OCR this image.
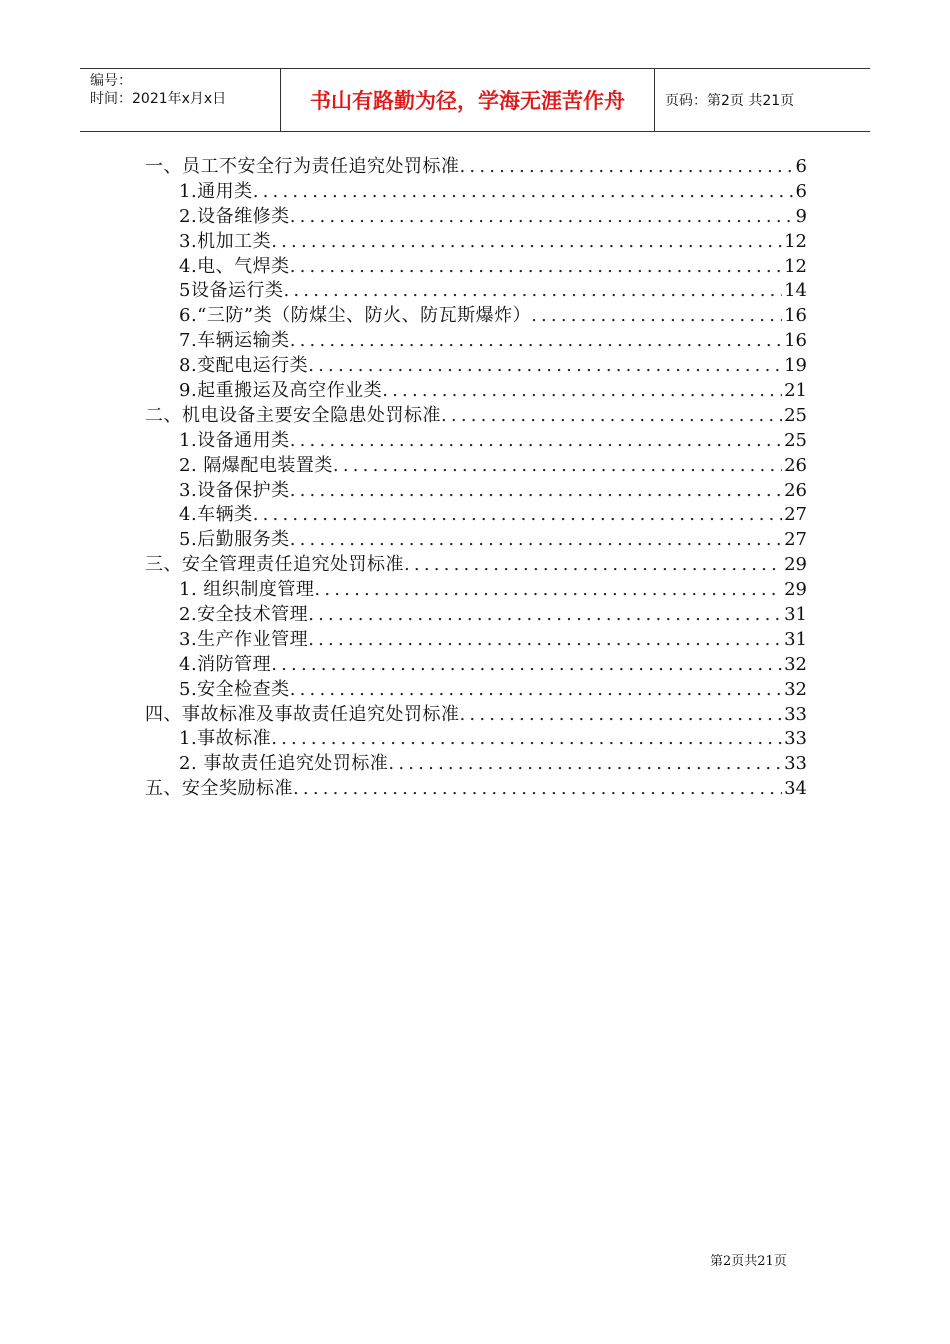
编号：
时间：2021年x月x日	书山有路勤为径，学海无涯苦作舟	页码：第2页 共21页
一、员工不安全行为责任追究处罚标准 .....	6
1.通用类 .....	6
2.设备维修类 .....	9
3.机加工类 .....	12
4.电、气焊类 .....	12
5设备运行类 .....	14
6.“三防”类（防煤尘、防火、防瓦斯爆炸） .....	16
7.车辆运输类 .....	16
8.变配电运行类 .....	19
9.起重搬运及高空作业类 .....	21
二、机电设备主要安全隐患处罚标准 .....	25
1.设备通用类 .....	25
2. 隔爆配电装置类 .....	26
3.设备保护类 .....	26
4.车辆类 .....	27
5.后勤服务类 .....	27
三、安全管理责任追究处罚标准 .....	29
1. 组织制度管理 .....	29
2.安全技术管理 .....	31
3.生产作业管理 .....	31
4.消防管理 .....	32
5.安全检查类 .....	32
四、事故标准及事故责任追究处罚标准 .....	33
1.事故标准 .....	33
2. 事故责任追究处罚标准 .....	33
五、安全奖励标准 .....	34
第2页共21页
